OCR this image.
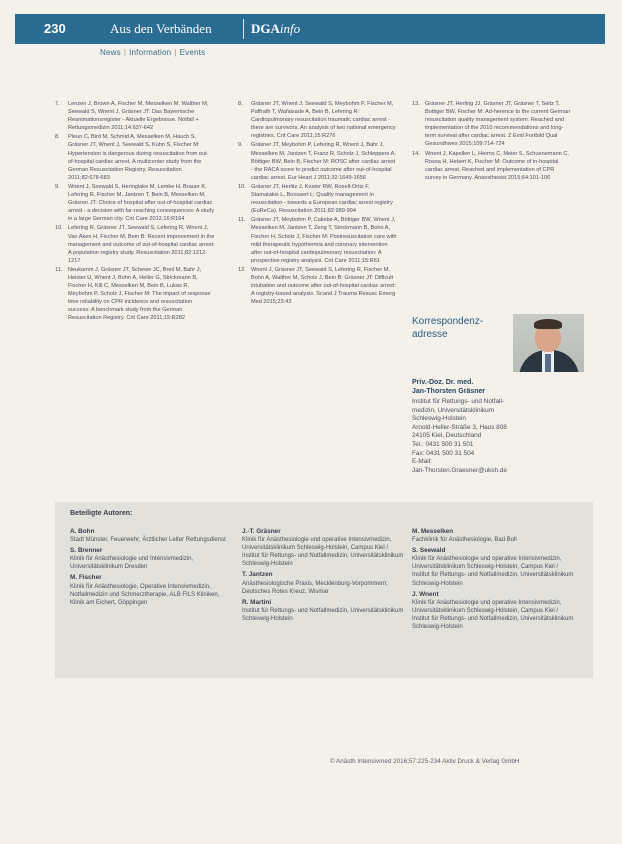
230	Aus den Verbänden	DGAinfo
News | Information | Events
7. Lenzen J, Brown A, Fischer M, Messelken M, Walther M, Seewald S, Wnent J, Gräsner JT: Das Bayernische Reanimationsregister - Aktuelle Ergebnisse. Notfall + Rettungsmedizin 2011;14:637-642
8. Pleun C, Bird M, Schmid A, Messelken M, Hauch S, Gräsner JT, Wnent J, Seewald S, Kuhn S, Fischer M: Hypertension is dangerous during resuscitation from out-of-hospital cardiac arrest. A multicenter study from the German Resuscitation Registry. Resuscitation 2011;82:678-683
9. Wnent J, Seewald S, Heringlake M, Lemke H, Brauer K, Lefering R, Fischer M, Jantzen T, Bein B, Messelken M, Gräsner JT: Choice of hospital after out-of-hospital cardiac arrest - a decision with far-reaching consequences: A study in a large German city. Crit Care 2012;16:R164
10. Lefering R, Gräsner JT, Seewald S, Lefering R, Wnent J, Van Aken H, Fischer M, Bein B: Recent improvement in the management and outcome of out-of-hospital cardiac arrest: A population registry study. Resuscitation 2011;82:1212-1217
11. Neukamm J, Gräsner JT, Schewe JC, Breil M, Bahr J, Heister U, Wnent J, Bohn A, Heller G, Strickmann B, Fischer H, Kill C, Messelken M, Bein B, Lukas R, Meybohm P, Scholz J, Fischer M: The impact of response time reliability on CPR incidence and resuscitation success: A benchmark study from the German Resuscitation Registry. Crit Care 2011;15:R282
8. Gräsner JT, Wnent J, Seewald S, Meybohm P, Fischer M, Paffrath T, Wafaisade A, Bein B, Lefering R: Cardiopulmonary resuscitation traumatic cardiac arrest - there are survivors. An analysis of two national emergency registries. Crit Care 2011;15:R276
9. Gräsner JT, Meybohm P, Lefering R, Wnent J, Bahr J, Messelken M, Jantzen T, Franz R, Scholz J, Schleppers A, Böttiger BW, Bein B, Fischer M: ROSC after cardiac arrest - the RACA score to predict outcome after out-of-hospital cardiac arrest. Eur Heart J 2011;32:1649-1656
10. Gräsner JT, Herlitz J, Koster RW, Rosell-Ortiz F, Stamatakis L, Bossaert L: Quality management in resuscitation - towards a European cardiac arrest registry (EuReCa). Resuscitation 2011;82:989-994
11. Gräsner JT, Meybohm P, Caliebe A, Böttiger BW, Wnent J, Messelken M, Jantzen T, Zeng T, Strickmann B, Bohn A, Fischer H, Scholz J, Fischer M: Postresuscitation care with mild therapeutic hypothermia and coronary intervention after out-of-hospital cardiopulmonary resuscitation: A prospective registry analysis. Crit Care 2011;15:R61
12. Wnent J, Gräsner JT, Seewald S, Lefering R, Fischer M, Bohn A, Walther M, Scholz J, Bein B: Gräsner JT: Difficult intubation and outcome after out-of-hospital cardiac arrest: A registry-based analysis. Scand J Trauma Resusc Emerg Med 2015;23:43
13. Gräsner JT, Herling JJ, Gräsner JT, Gräsner T, Seitz T, Bottiger BW, Fischer M: Ad-herence to the current German resuscitation quality management system. Reached and implementation of the 2010 recommendations and long-term survival after cardiac arrest. Z Evid Fortbild Qual Gesundhwes 2015;109:714-724
14. Wnent J, Kapellen L, Herms C, Meier S, Schuenemann C, Rossa H, Hebert K, Fischer M: Outcome of in-hospital cardiac arrest. Reached and implementation of CPR survey in Germany. Anaesthesist 2015;64:101-106
Korrespondenz-adresse
Priv.-Doz. Dr. med.
Jan-Thorsten Gräsner
Institut für Rettungs- und Notfall-
medizin, Universitätsklinikum
Schleswig-Holstein
Arnold-Heller-Straße 3, Haus 808
24105 Kiel, Deutschland
Tel.: 0431 500 31 501
Fax: 0431 500 31 504
E-Mail:
Jan-Thorsten.Graesner@uksh.de
Beteiligte Autoren:
A. Bohn
Stadt Münster, Feuerwehr; Ärztlicher Leiter Rettungsdienst
S. Brenner
Klinik für Anästhesiologie und Intensivmedizin, Universitätsklinikum Dresden
M. Fischer
Klinik für Anästhesiologie, Operative Intensivmedizin, Notfallmedizin und Schmerztherapie, ALB FILS Kliniken, Klinik am Eichert, Göppingen
J.-T. Gräsner
Klinik für Anästhesiologie und operative Intensivmedizin, Universitätsklinikum Schleswig-Holstein, Campus Kiel / Institut für Rettungs- und Notfallmedizin, Universitätsklinikum Schleswig-Holstein
T. Jantzen
Anästhesiologische Praxis, Mecklenburg-Vorpommern; Deutsches Rotes Kreuz, Wismar
R. Martini
Institut für Rettungs- und Notfallmedizin, Universitätsklinikum Schleswig-Holstein
M. Messelken
Fachklinik für Anästhesiologie, Bad Boll
S. Seewald
Klinik für Anästhesiologie und operative Intensivmedizin, Universitätsklinikum Schleswig-Holstein, Campus Kiel / Institut für Rettungs- und Notfallmedizin, Universitätsklinikum Schleswig-Holstein
J. Wnent
Klinik für Anästhesiologie und operative Intensivmedizin, Universitätsklinikum Schleswig-Holstein, Campus Kiel / Institut für Rettungs- und Notfallmedizin, Universitätsklinikum Schleswig-Holstein
© Anästh Intensivmed 2016;57:225-234 Aktiv Druck & Verlag GmbH
